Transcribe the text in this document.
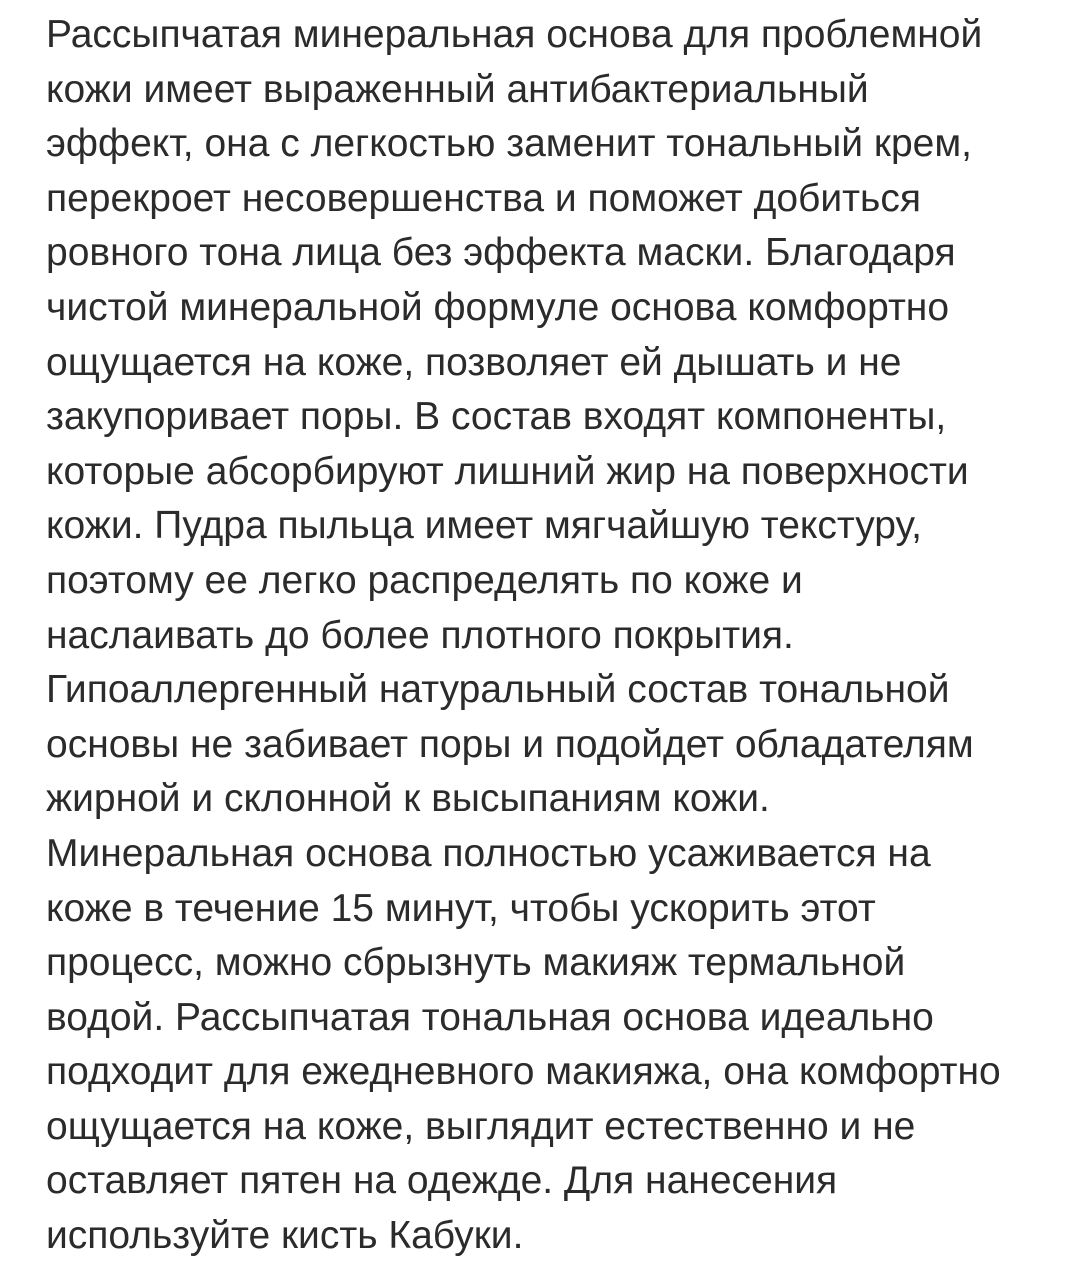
Рассыпчатая минеральная основа для проблемной
кожи имеет выраженный антибактериальный
эффект, она с легкостью заменит тональный крем,
перекроет несовершенства и поможет добиться
ровного тона лица без эффекта маски. Благодаря
чистой минеральной формуле основа комфортно
ощущается на коже, позволяет ей дышать и не
закупоривает поры. В состав входят компоненты,
которые абсорбируют лишний жир на поверхности
кожи. Пудра пыльца имеет мягчайшую текстуру,
поэтому ее легко распределять по коже и
наслаивать до более плотного покрытия.
Гипоаллергенный натуральный состав тональной
основы не забивает поры и подойдет обладателям
жирной и склонной к высыпаниям кожи.
Минеральная основа полностью усаживается на
коже в течение 15 минут, чтобы ускорить этот
процесс, можно сбрызнуть макияж термальной
водой. Рассыпчатая тональная основа идеально
подходит для ежедневного макияжа, она комфортно
ощущается на коже, выглядит естественно и не
оставляет пятен на одежде. Для нанесения
используйте кисть Кабуки.
